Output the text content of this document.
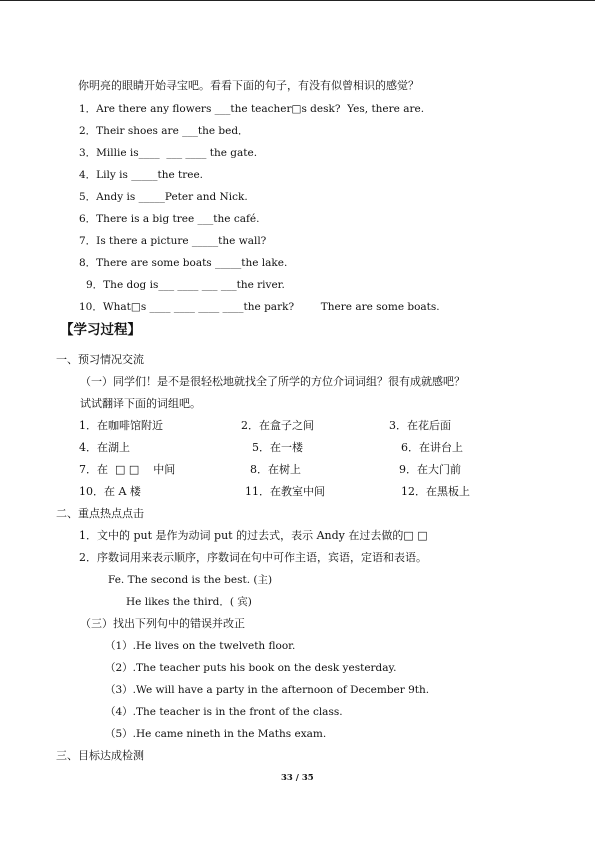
你明亮的眼睛开始寻宝吧。看看下面的句子，有没有似曾相识的感觉？
1．Are there any flowers ___the teacher□s desk?  Yes, there are.
2．Their shoes are ___the bed．
3．Millie is____  ___ ____ the gate.
4．Lily is _____the tree.
5．Andy is _____Peter and Nick.
6．There is a big tree ___the café.
7．Is there a picture _____the wall?
8．There are some boats _____the lake.
9．The dog is___ ____ ___ ___the river.
10．What□s ____ ____ ____ ____the park?        There are some boats.
【学习过程】
一、预习情况交流
（一）同学们！是不是很轻松地就找全了所学的方位介词词组？很有成就感吧？
试试翻译下面的词组吧。
1．在咖啡馆附近	2．在盒子之间	3．在花后面
4．在湖上	5．在一楼	6．在讲台上
7．在  □ □    中间	8．在树上	9．在大门前
10．在 A 楼	11．在教室中间	12．在黑板上
二、重点热点点击
1．文中的 put 是作为动词 put 的过去式，表示 Andy 在过去做的□ □
2．序数词用来表示顺序，序数词在句中可作主语，宾语，定语和表语。
Fe. The second is the best. (主)
He likes the third．( 宾)
（三）找出下列句中的错误并改正
（1）.He lives on the twelveth floor.
（2）.The teacher puts his book on the desk yesterday.
（3）.We will have a party in the afternoon of December 9th.
（4）.The teacher is in the front of the class.
（5）.He came nineth in the Maths exam.
三、目标达成检测
33 / 35
